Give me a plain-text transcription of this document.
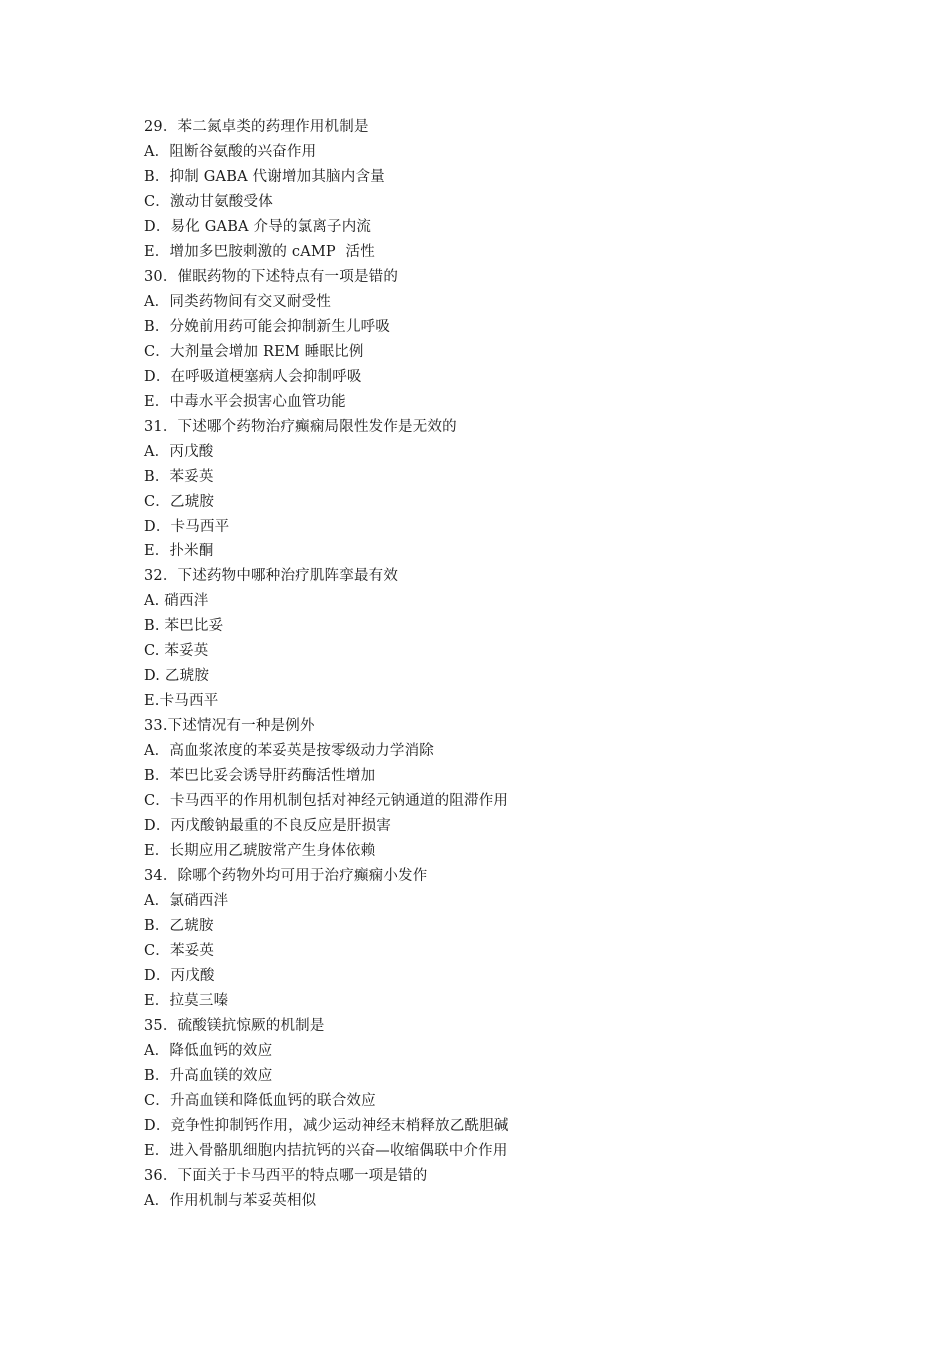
29．苯二氮卓类的药理作用机制是
A．阻断谷氨酸的兴奋作用
B．抑制 GABA 代谢增加其脑内含量
C．激动甘氨酸受体
D．易化 GABA 介导的氯离子内流
E．增加多巴胺刺激的 cAMP  活性
30．催眠药物的下述特点有一项是错的
A．同类药物间有交叉耐受性
B．分娩前用药可能会抑制新生儿呼吸
C．大剂量会增加 REM 睡眠比例
D．在呼吸道梗塞病人会抑制呼吸
E．中毒水平会损害心血管功能
31．下述哪个药物治疗癫痫局限性发作是无效的
A．丙戊酸
B．苯妥英
C．乙琥胺
D．卡马西平
E．扑米酮
32．下述药物中哪种治疗肌阵挛最有效
A. 硝西泮
B. 苯巴比妥
C. 苯妥英
D. 乙琥胺
E.卡马西平
33.下述情况有一种是例外
A．高血浆浓度的苯妥英是按零级动力学消除
B．苯巴比妥会诱导肝药酶活性增加
C．卡马西平的作用机制包括对神经元钠通道的阻滞作用
D．丙戊酸钠最重的不良反应是肝损害
E．长期应用乙琥胺常产生身体依赖
34．除哪个药物外均可用于治疗癫痫小发作
A．氯硝西泮
B．乙琥胺
C．苯妥英
D．丙戊酸
E．拉莫三嗪
35．硫酸镁抗惊厥的机制是
A．降低血钙的效应
B．升高血镁的效应
C．升高血镁和降低血钙的联合效应
D．竞争性抑制钙作用，减少运动神经末梢释放乙酰胆碱
E．进入骨骼肌细胞内拮抗钙的兴奋—收缩偶联中介作用
36．下面关于卡马西平的特点哪一项是错的
A．作用机制与苯妥英相似
